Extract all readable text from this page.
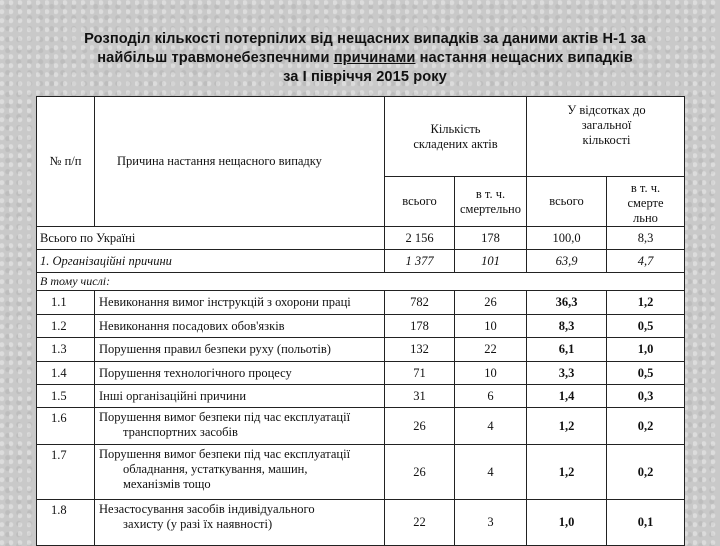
Розподіл кількості потерпілих від нещасних випадків за даними актів Н-1 за
найбільш травмонебезпечними причинами настання нещасних випадків
за І півріччя 2015 року
№ п/п	Причина настання нещасного випадку	Кількість складених актів		У відсотках до загальної кількості	
		всього	в т. ч. смертельно	всього	в т. ч.
смерте
льно

Всього по Україні		2 156	178	100,0	8,3
1. Організаційні причини		1 377	101	63,9	4,7
В тому числі:					
1.1	Невиконання вимог інструкцій з охорони праці	782	26	36,3	1,2
1.2	Невиконання посадових обов'язків	178	10	8,3	0,5
1.3	Порушення правил безпеки руху (польотів)	132	22	6,1	1,0
1.4	Порушення технологічного процесу	71	10	3,3	0,5
1.5	Інші організаційні причини	31	6	1,4	0,3
1.6	Порушення вимог безпеки під час експлуатації
транспортних засобів	26	4	1,2	0,2
1.7	Порушення вимог безпеки під час експлуатації
обладнання, устаткування, машин,
механізмів тощо	26	4	1,2	0,2
1.8	Незастосування засобів індивідуального
захисту (у разі їх наявності)	22	3	1,0	0,1
